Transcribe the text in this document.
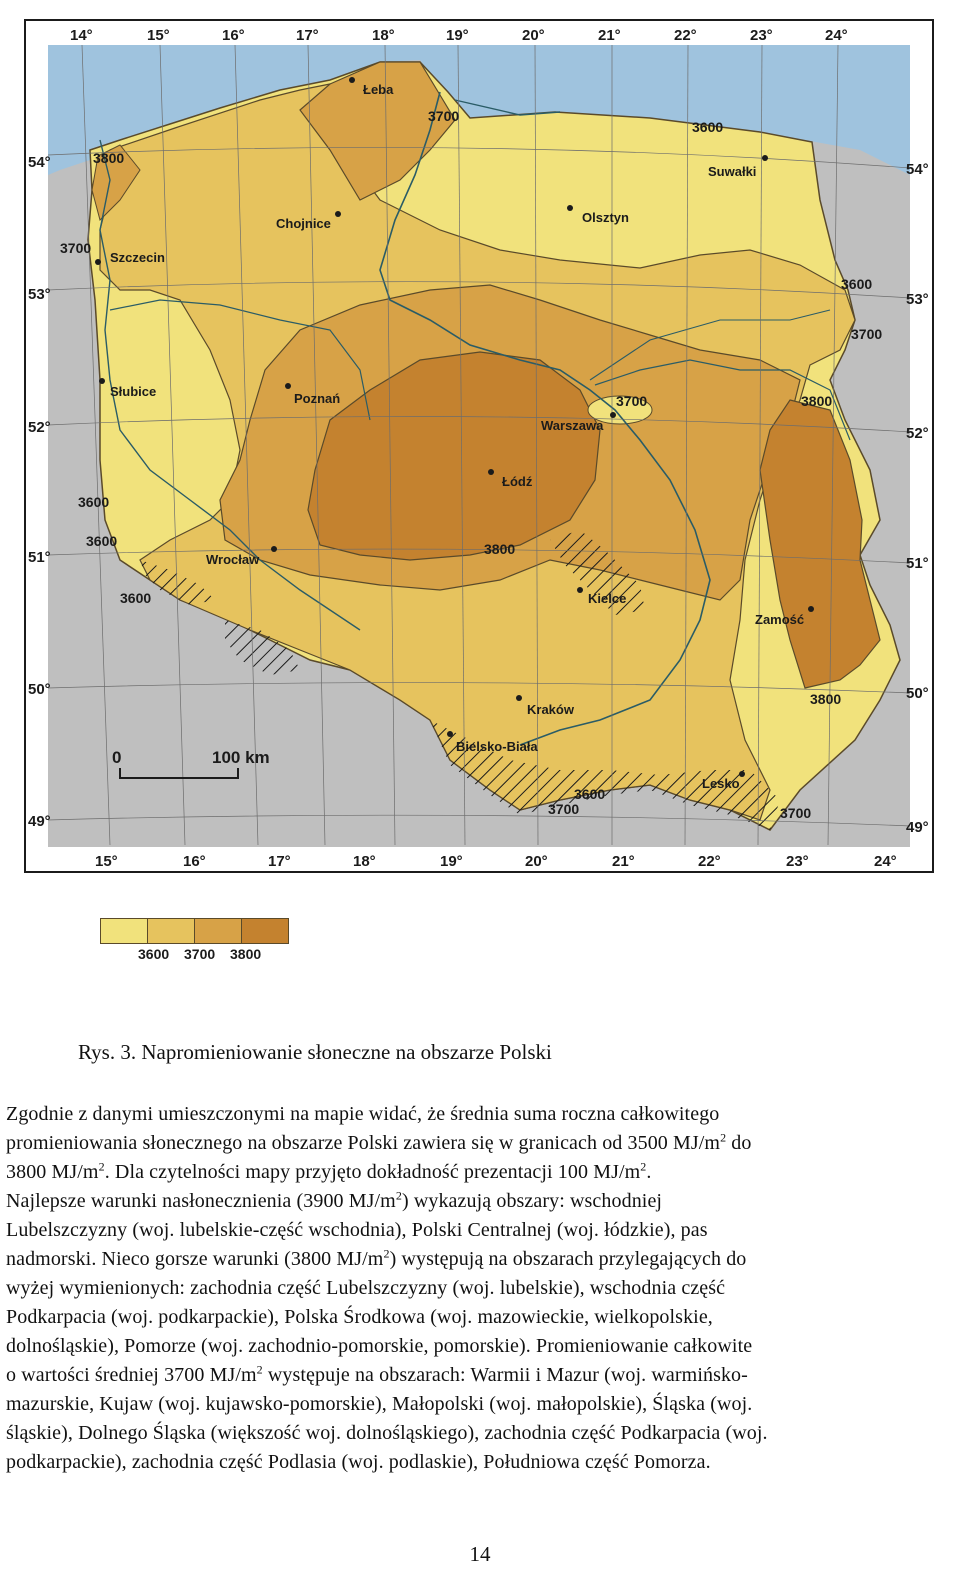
14°	15°	16°	17°	18°	19°	20°	21°	22°	23°	24°
15°	16°	17°	18°	19°	20°	21°	22°	23°	24°
54°
53°
52°
51°
50°
49°
54°
53°
52°
51°
50°
49°
Łeba
Suwałki
Olsztyn
Chojnice
Szczecin
Słubice	Poznań
Warszawa
Łódź
Wrocław
Kielce
Zamość
Kraków
Bielsko-Biała
Lesko
3700
3600
3800
3700
3600
3700
3700	3800
3600
3600	3800
3600
3800
3600
3700	3700
0	100 km
3600 3700 3800
Rys. 3. Napromieniowanie słoneczne na obszarze Polski

Zgodnie z danymi umieszczonymi na mapie widać, że średnia suma roczna całkowitego

promieniowania słonecznego na obszarze Polski zawiera się w granicach od 3500 $MJ/m^2$ do

3800 $MJ/m^2$. Dla czytelności mapy przyjęto dokładność prezentacji 100 $MJ/m^2$.

Najlepsze warunki nasłonecznienia (3900 $MJ/m^2$) wykazują obszary: wschodniej

Lubelszczyzny (woj. lubelskie-część wschodnia), Polski Centralnej (woj. łódzkie), pas

nadmorski. Nieco gorsze warunki (3800 $MJ/m^2$) występują na obszarach przylegających do

wyżej wymienionych: zachodnia część Lubelszczyzny (woj. lubelskie), wschodnia część

Podkarpacia (woj. podkarpackie), Polska Środkowa (woj. mazowieckie, wielkopolskie,

dolnośląskie), Pomorze (woj. zachodnio-pomorskie, pomorskie). Promieniowanie całkowite

o wartości średniej 3700 $MJ/m^2$ występuje na obszarach: Warmii i Mazur (woj. warmińsko-

mazurskie, Kujaw (woj. kujawsko-pomorskie), Małopolski (woj. małopolskie), Śląska (woj.

śląskie), Dolnego Śląska (większość woj. dolnośląskiego), zachodnia część Podkarpacia (woj.

podkarpackie), zachodnia część Podlasia (woj. podlaskie), Południowa część Pomorza.

14
